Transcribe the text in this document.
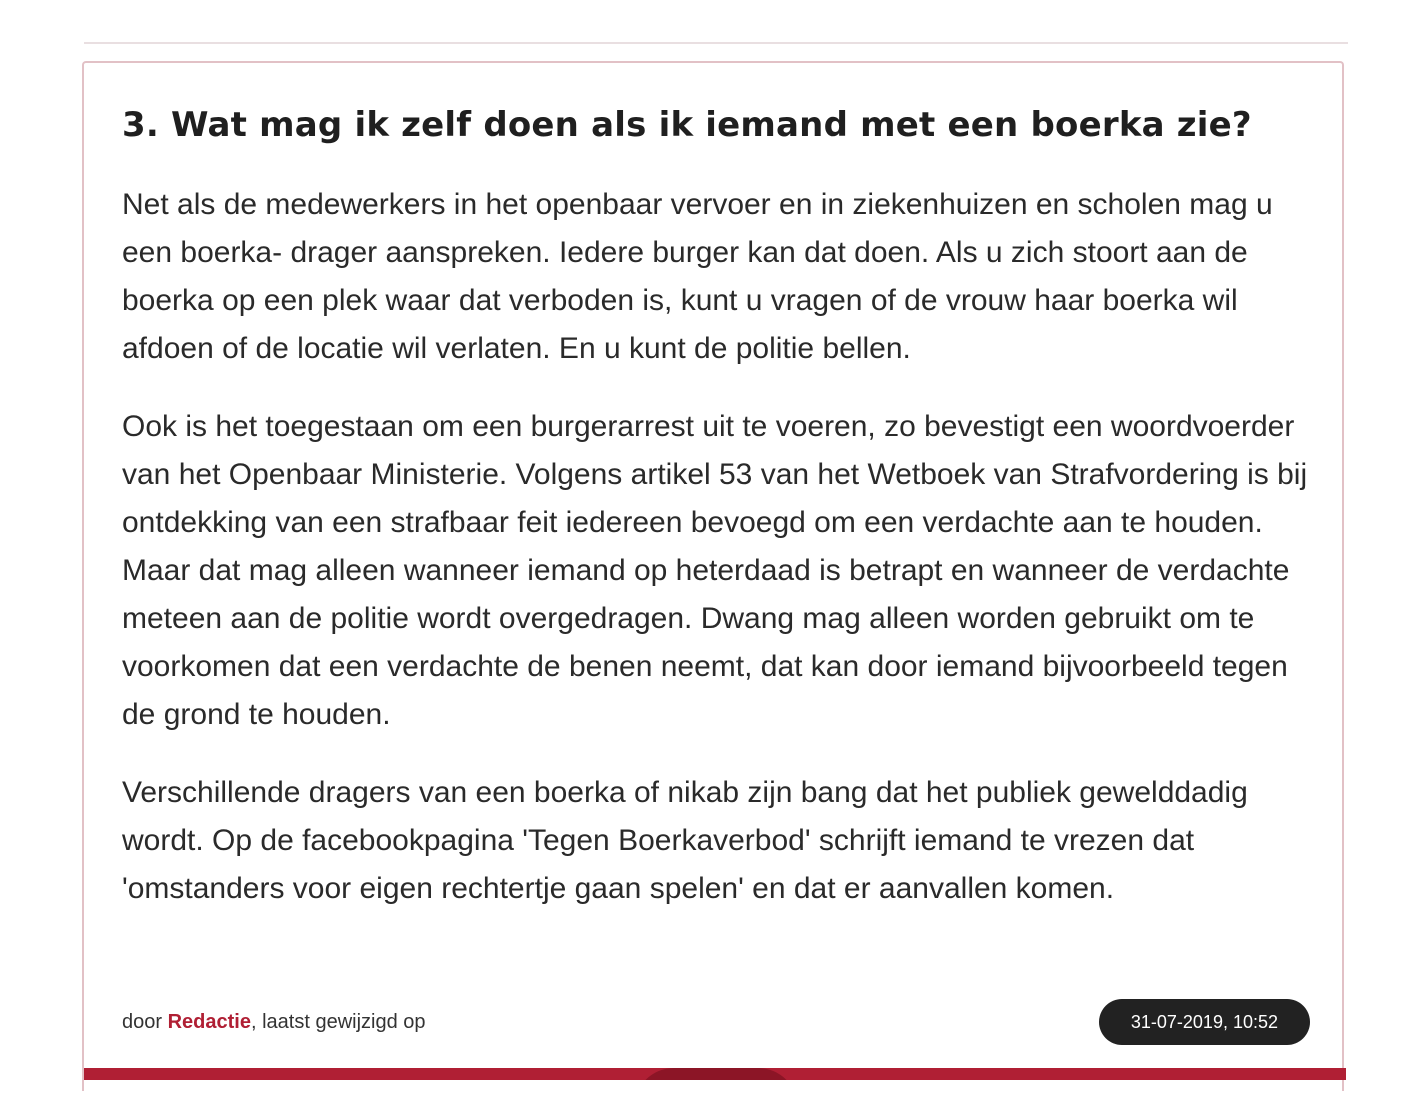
3. Wat mag ik zelf doen als ik iemand met een boerka zie?

Net als de medewerkers in het openbaar vervoer en in ziekenhuizen en scholen mag u een boerka- drager aanspreken. Iedere burger kan dat doen. Als u zich stoort aan de boerka op een plek waar dat verboden is, kunt u vragen of de vrouw haar boerka wil afdoen of de locatie wil verlaten. En u kunt de politie bellen.

Ook is het toegestaan om een burgerarrest uit te voeren, zo bevestigt een woordvoerder van het Openbaar Ministerie. Volgens artikel 53 van het Wetboek van Strafvordering is bij ontdekking van een strafbaar feit iedereen bevoegd om een verdachte aan te houden. Maar dat mag alleen wanneer iemand op heterdaad is betrapt en wanneer de verdachte meteen aan de politie wordt overgedragen. Dwang mag alleen worden gebruikt om te voorkomen dat een verdachte de benen neemt, dat kan door iemand bijvoorbeeld tegen de grond te houden.

Verschillende dragers van een boerka of nikab zijn bang dat het publiek gewelddadig wordt. Op de facebookpagina 'Tegen Boerkaverbod' schrijft iemand te vrezen dat 'omstanders voor eigen rechtertje gaan spelen' en dat er aanvallen komen.

door Redactie, laatst gewijzigd op	31-07-2019, 10:52
